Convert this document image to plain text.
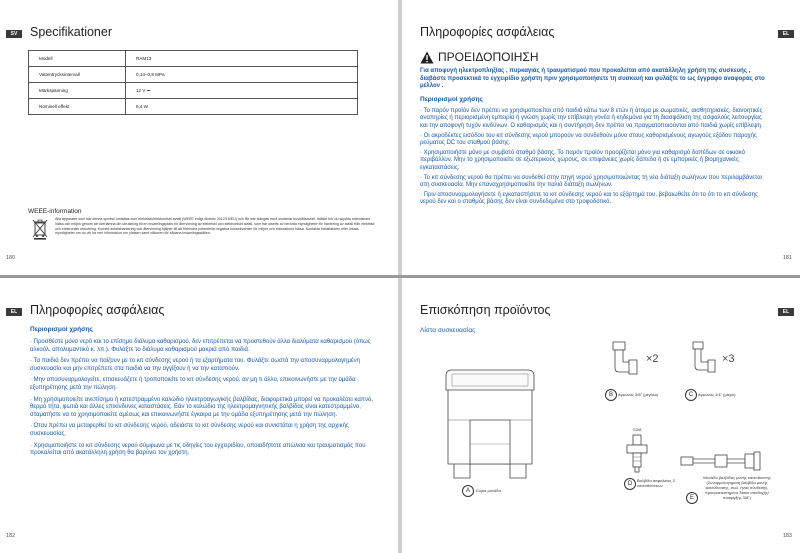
SV	Specifikationer
Modell	RAM13
Vattentrycksintervall	0,14–0,8 MPa
Märkspänning	12 V ⎓
Nominell effekt	8,4 W
WEEE-information
Alla apparater som bär denna symbol omfattas som elektriskt/elektroniskt avfall (WEEE enligt direktiv 2012/19/EU) och får inte slängas med osorterat hushållsavfall. Istället bör du skydda människors hälsa och miljön genom att överlämna din utrustning till en insamlingsplats för återvinning av elektriskt och elektroniskt avfall, som har utsetts av berörda myndigheter för hantering av avfall från elektrisk och elektronisk utrustning. Korrekt avfallshantering och återvinning hjälper till att förhindra potentiella negativa konsekvenser för miljön och människors hälsa. Kontakta installatören eller lokala myndigheter om du vill ha mer information om platsen samt villkoren för sådana insamlingsställen.
180
EL
Πληροφορίες ασφάλειας
ΠΡΟΕΙΔΟΠΟΙΗΣΗ

Για αποφυγή ηλεκτροπληξίας , πυρκαγιάς ή τραυματισμού που προκαλείται από ακατάλληλη χρήση της συσκευής , διαβάστε προσεκτικά το εγχειρίδιο χρήστη πριν χρησιμοποιήσετε τη συσκευή και φυλάξτε το ως έγγραφο αναφοράς στο μέλλον .

Περιορισμοί χρήσης

· Το παρόν προϊόν δεν πρέπει να χρησιμοποιείται από παιδιά κάτω των 8 ετών ή άτομα με σωματικές, αισθητηριακές, διανοητικές αναπηρίες ή περιορισμένη εμπειρία ή γνώση χωρίς την επίβλεψη γονέα ή κηδεμόνα για τη διασφάλιση της ασφαλούς λειτουργίας και την αποφυγή τυχόν κινδύνων. Ο καθαρισμός και η συντήρηση δεν πρέπει να πραγματοποιούνται από παιδιά χωρίς επίβλεψη.

· Οι ακροδέκτες εισόδου του κιτ σύνδεσης νερού μπορούν να συνδεθούν μόνο στους καθορισμένους αγωγούς εξόδου παροχής ρεύματος DC του σταθμού βάσης.

· Χρησιμοποιήστε μόνο με συμβατό σταθμό βάσης. Το παρόν προϊόν προορίζεται μόνο για καθαρισμό δαπέδων σε οικιακό περιβάλλον. Μην το χρησιμοποιείτε σε εξωτερικούς χώρους, σε επιφάνειες χωρίς δάπεδο ή σε εμπορικές ή βιομηχανικές εγκαταστάσεις.

· Το κιτ σύνδεσης νερού θα πρέπει να συνδεθεί στην πηγή νερού χρησιμοποιώντας τη νέα διάταξη σωλήνων που περιλαμβάνεται στη συσκευασία. Μην επαναχρησιμοποιείτε την παλιά διάταξη σωλήνων.

· Πριν αποσυναρμολογήσετε ή εγκαταστήσετε το κιτ σύνδεσης νερού και το εξάρτημά του, βεβαιωθείτε ότι το ότι το κιτ σύνδεσης νερού δεν και ο σταθμός βάσης δεν είναι συνδεδεμένα στο τροφοδοτικό.

181
EL	Πληροφορίες ασφάλειας
Περιορισμοί χρήσης

· Προσθέστε μόνο νερό και το επίσημο διάλυμα καθαρισμού, δεν επιτρέπεται να προστεθούν άλλα διαλύματα καθαρισμού (όπως αλκοόλ, απολυμαντικό κ. λπ.). Φυλάξτε το διάλυμα καθαρισμού μακριά από παιδιά.

· Τα παιδιά δεν πρέπει να παίζουν με το κιτ σύνδεσης νερού ή τα εξαρτήματα του. Φυλάξτε σωστά την αποσυναρμολογημένη συσκευασία και μην επιτρέπετε στα παιδιά να την αγγίξουν ή να την καταπιούν.

· Μην αποσυναρμολογείτε, επισκευάζετε ή τροποποιείτε το κιτ σύνδεσης νερού, αν μη τι άλλο, επικοινωνήστε με την ομάδα εξυπηρέτησης μετά την πώληση.

· Μη χρησιμοποιείτε ανεπίσημο ή κατεστραμμένο καλώδιο ηλεκτροαγωγικής βαλβίδας, διαφορετικά μπορεί να προκαλέσει καπνό, θερμό τήτα, φωτιά και άλλες επικίνδυνες καταστάσεις. Εάν το καλώδιο της ηλεκτρομαγνητικής βαλβίδας είναι κατεστραμμένο, σταματήστε να το χρησιμοποιείτε αμέσως και επικοινωνήστε έγκαιρα με την ομάδα εξυπηρέτησης μετά την πώληση.

· Όταν πρέπει να μεταφερθεί το κιτ σύνδεσης νερού, αδειάστε το κιτ σύνδεσης νερού και συνιστάται η χρήση της αρχικής συσκευασίας.

· Χρησιμοποιήστε το κιτ σύνδεσης νερού σύμφωνα με τις οδηγίες του εγχειριδίου, οποιαδήποτε απώλεια και τραυματισμός που προκαλείται από ακατάλληλη χρήση θα βαρύνει τον χρήστη.

182
EL
Επισκόπηση προϊόντος
Λίστα συσκευασίας
A	Κύρια μονάδα
×2
B	Αγκώνας 3/8" (μεγάλο)
×3
C	Αγκώνας 1/4" (μικρό)
G3/8
D
Βαλβίδα ασφαλείας 3 κατευθύνσεων
E
Μονάδα βαλβίδας μονής κατεύθυνσης (Συναρμολογημένη βαλβίδα μονής κατεύθυνσης, σωλ. ήνας σύνδεσης, προεγκατεστημένο δίσκο υποδοχής/σύσφιγξης 3/8")
183
